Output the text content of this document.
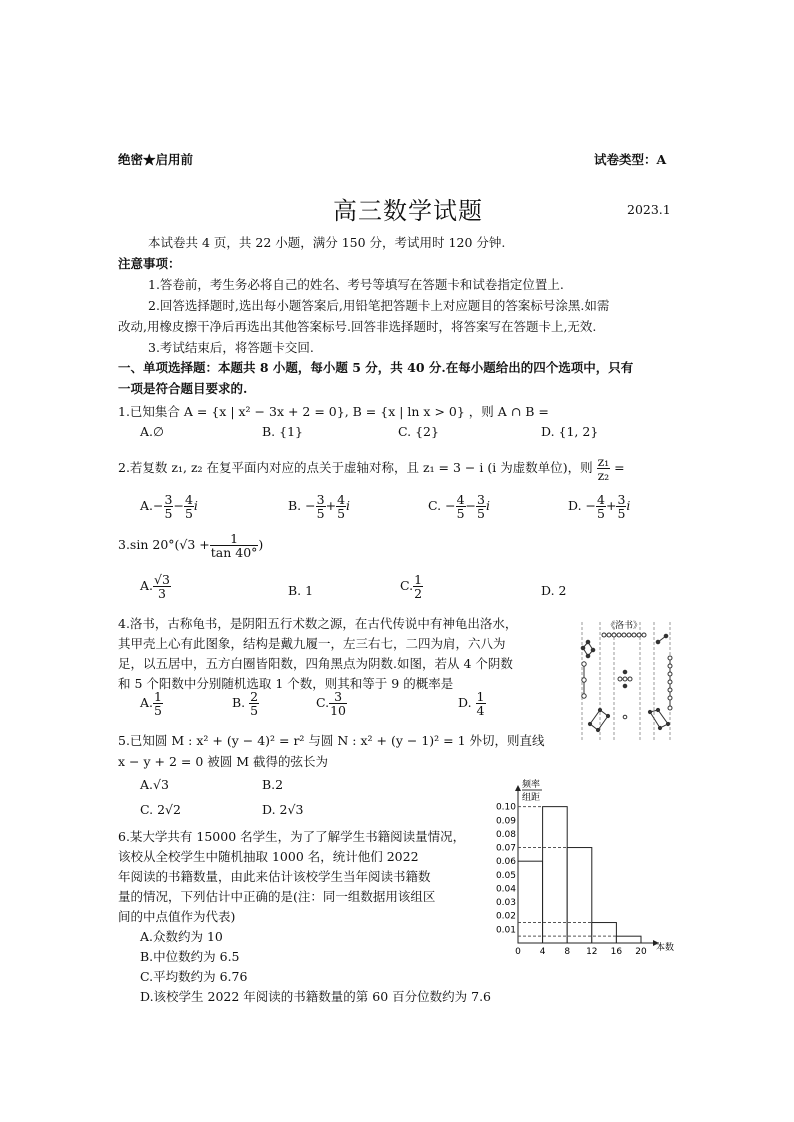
绝密★启用前	试卷类型：A
高三数学试题	2023.1
本试卷共 4 页，共 22 小题，满分 150 分，考试用时 120 分钟.
注意事项：
1.答卷前，考生务必将自己的姓名、考号等填写在答题卡和试卷指定位置上.
2.回答选择题时,选出每小题答案后,用铅笔把答题卡上对应题目的答案标号涂黑.如需
改动,用橡皮擦干净后再选出其他答案标号.回答非选择题时，将答案写在答题卡上,无效.
3.考试结束后，将答题卡交回.
一、单项选择题：本题共 8 小题，每小题 5 分，共 40 分.在每小题给出的四个选项中，只有
一项是符合题目要求的.
1.已知集合 A = {x | x² − 3x + 2 = 0}, B = {x | ln x > 0} ，则 A ∩ B =
A.∅	B. {1}	C. {2}	D. {1, 2}
2.若复数 z₁, z₂ 在复平面内对应的点关于虚轴对称，且 z₁ = 3 − i (i 为虚数单位)，则 $\frac{\text{z₁}}{\text{z₂}}$ =
$A.- \frac{3}{5} - \frac{4}{5}$ i	B. − $\frac{3}{5} + \frac{4}{5}$ i	C. − $\frac{4}{5} - \frac{3}{5}$ i	D. − $\frac{4}{5} + \frac{3}{5}$ i
3.sin $20^\circ(√3 + \frac{1}{\tan 40^\circ}$ )
A. $\frac{√3}{3}$	B. 1	C. $\frac{1}{2}$	D. 2
4.洛书，古称龟书，是阴阳五行术数之源，在古代传说中有神龟出洛水，
其甲壳上心有此图象，结构是戴九履一，左三右七，二四为肩，六八为
足，以五居中，五方白圈皆阳数，四角黑点为阴数.如图，若从 4 个阴数
和 5 个阳数中分别随机选取 1 个数，则其和等于 9 的概率是
A. $\frac{1}{5}$	B. $\frac{2}{5}$	C. $\frac{3}{10}$	D. $\frac{1}{4}$
《洛书》
5.已知圆 M : x² + (y − 4)² = r² 与圆 N : x² + (y − 1)² = 1 外切，则直线
x − y + 2 = 0 被圆 M 截得的弦长为
A.√3	B.2
C. 2√2	D. 2√3
6.某大学共有 15000 名学生，为了了解学生书籍阅读量情况，
该校从全校学生中随机抽取 1000 名，统计他们 2022
年阅读的书籍数量，由此来估计该校学生当年阅读书籍数
量的情况，下列估计中正确的是(注：同一组数据用该组区
间的中点值作为代表)
A.众数约为 10
B.中位数约为 6.5
C.平均数约为 6.76
D.该校学生 2022 年阅读的书籍数量的第 60 百分位数约为 7.6
频率
组距
本数
0.01
0.02
0.03
0.04
0.05
0.06
0.07
0.08
0.09
0.10
0 4 8 12 16 20
